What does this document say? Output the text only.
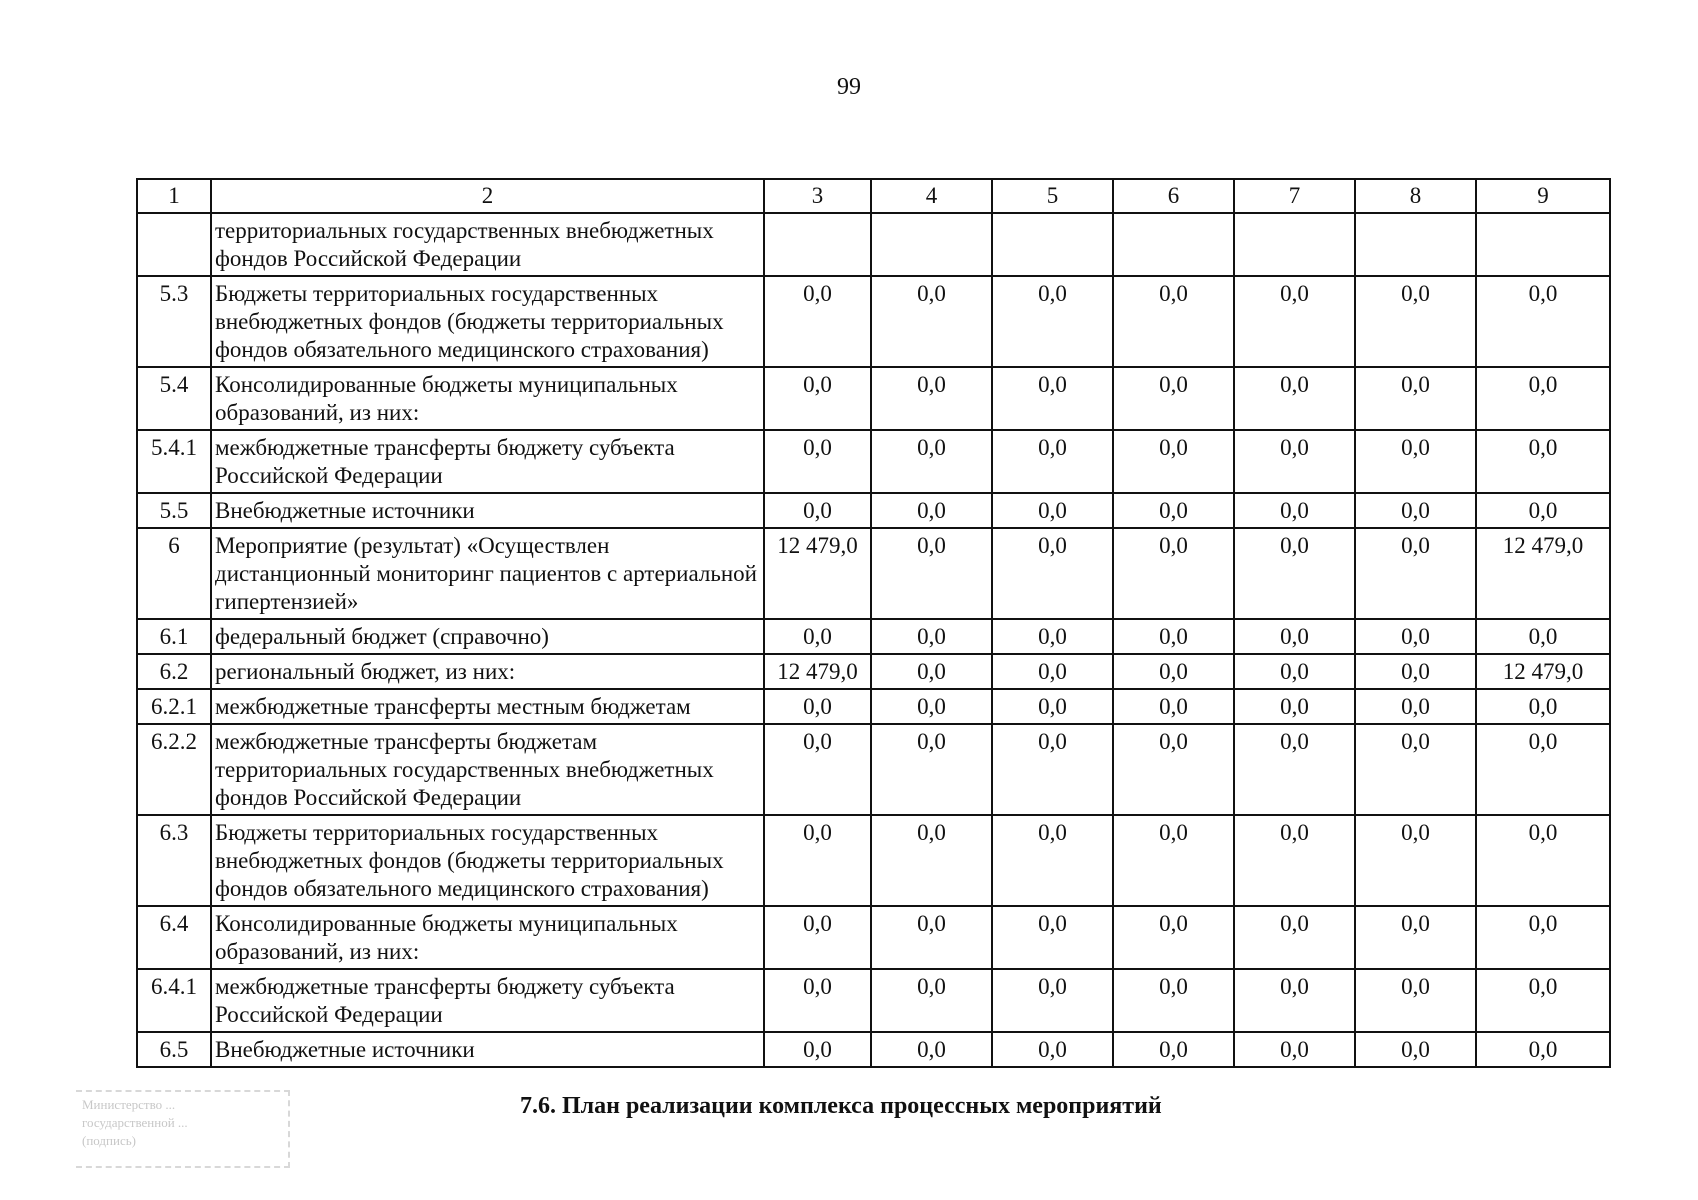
99
1	2	3	4	5	6	7	8	9
	территориальных государственных внебюджетных фондов Российской Федерации							
5.3	Бюджеты территориальных государственных внебюджетных фондов (бюджеты территориальных фондов обязательного медицинского страхования)	0,0	0,0	0,0	0,0	0,0	0,0	0,0
5.4	Консолидированные бюджеты муниципальных образований, из них:	0,0	0,0	0,0	0,0	0,0	0,0	0,0
5.4.1	межбюджетные трансферты бюджету субъекта Российской Федерации	0,0	0,0	0,0	0,0	0,0	0,0	0,0
5.5	Внебюджетные источники	0,0	0,0	0,0	0,0	0,0	0,0	0,0
6	Мероприятие (результат) «Осуществлен дистанционный мониторинг пациентов с артериальной гипертензией»	12 479,0	0,0	0,0	0,0	0,0	0,0	12 479,0
6.1	федеральный бюджет (справочно)	0,0	0,0	0,0	0,0	0,0	0,0	0,0
6.2	региональный бюджет, из них:	12 479,0	0,0	0,0	0,0	0,0	0,0	12 479,0
6.2.1	межбюджетные трансферты местным бюджетам	0,0	0,0	0,0	0,0	0,0	0,0	0,0
6.2.2	межбюджетные трансферты бюджетам территориальных государственных внебюджетных фондов Российской Федерации	0,0	0,0	0,0	0,0	0,0	0,0	0,0
6.3	Бюджеты территориальных государственных внебюджетных фондов (бюджеты территориальных фондов обязательного медицинского страхования)	0,0	0,0	0,0	0,0	0,0	0,0	0,0
6.4	Консолидированные бюджеты муниципальных образований, из них:	0,0	0,0	0,0	0,0	0,0	0,0	0,0
6.4.1	межбюджетные трансферты бюджету субъекта Российской Федерации	0,0	0,0	0,0	0,0	0,0	0,0	0,0
6.5	Внебюджетные источники	0,0	0,0	0,0	0,0	0,0	0,0	0,0
7.6. План реализации комплекса процессных мероприятий
Министерство ...
государственной ...
(подпись)
